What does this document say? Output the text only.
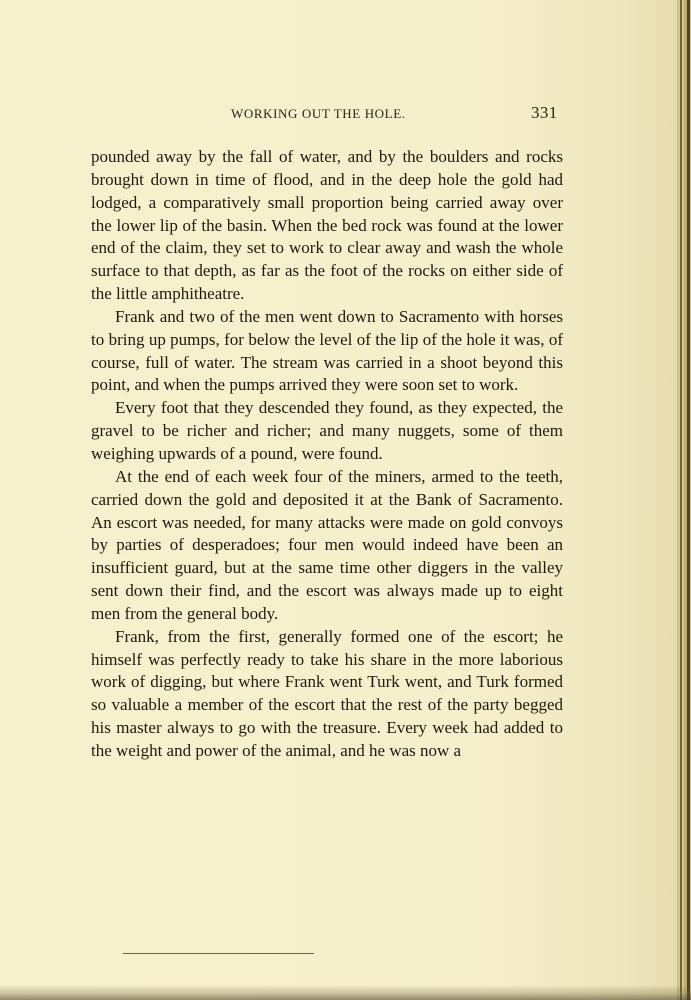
WORKING OUT THE HOLE.	331

pounded away by the fall of water, and by the boulders and rocks brought down in time of flood, and in the deep hole the gold had lodged, a comparatively small proportion being carried away over the lower lip of the basin. When the bed rock was found at the lower end of the claim, they set to work to clear away and wash the whole surface to that depth, as far as the foot of the rocks on either side of the little amphitheatre.

Frank and two of the men went down to Sacramento with horses to bring up pumps, for below the level of the lip of the hole it was, of course, full of water. The stream was carried in a shoot beyond this point, and when the pumps arrived they were soon set to work.

Every foot that they descended they found, as they expected, the gravel to be richer and richer; and many nuggets, some of them weighing upwards of a pound, were found.

At the end of each week four of the miners, armed to the teeth, carried down the gold and deposited it at the Bank of Sacramento. An escort was needed, for many attacks were made on gold convoys by parties of desperadoes; four men would indeed have been an insufficient guard, but at the same time other diggers in the valley sent down their find, and the escort was always made up to eight men from the general body.

Frank, from the first, generally formed one of the escort; he himself was perfectly ready to take his share in the more laborious work of digging, but where Frank went Turk went, and Turk formed so valuable a member of the escort that the rest of the party begged his master always to go with the treasure. Every week had added to the weight and power of the animal, and he was now a
